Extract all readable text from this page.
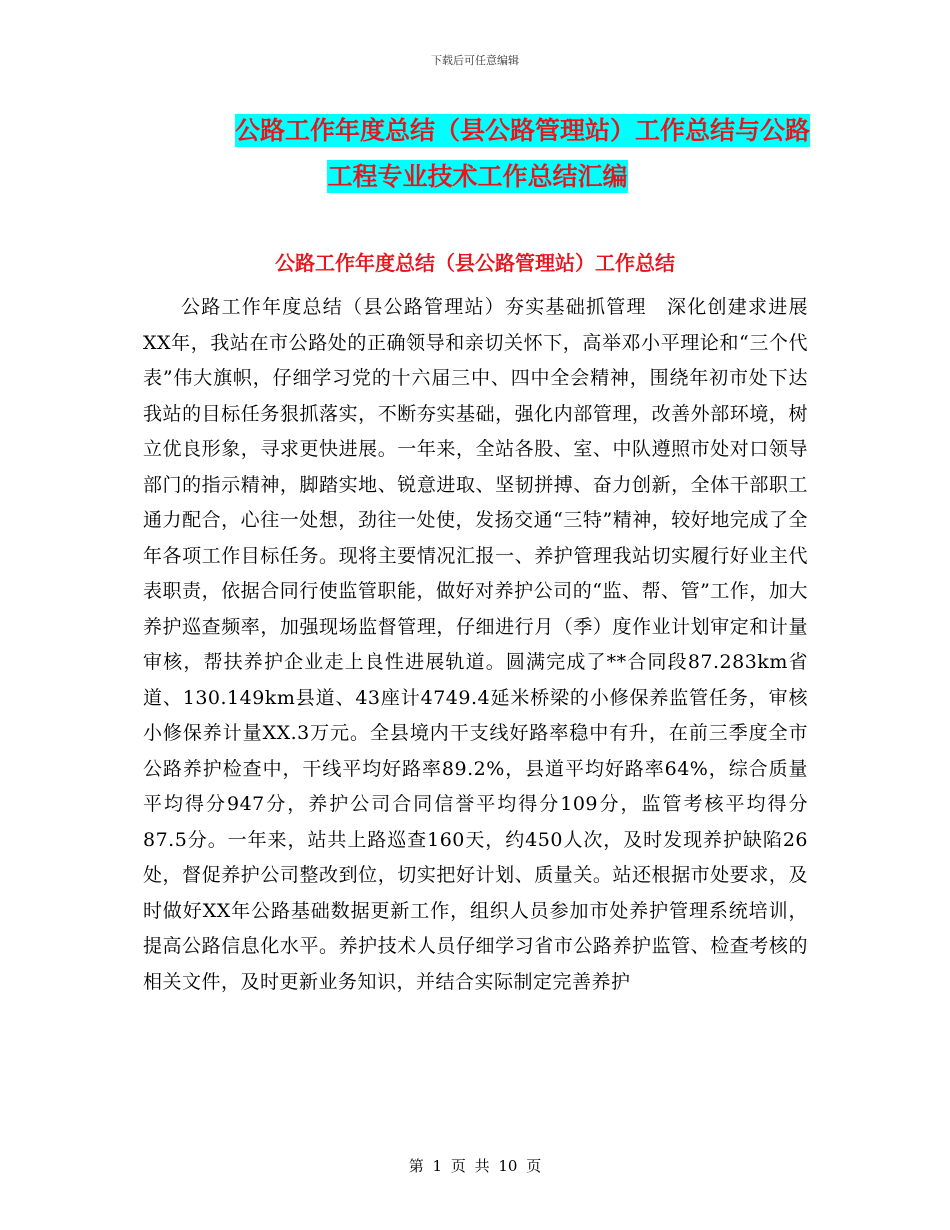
下载后可任意编辑
公路工作年度总结（县公路管理站）工作总结与公路
工程专业技术工作总结汇编
公路工作年度总结（县公路管理站）工作总结

公路工作年度总结（县公路管理站）夯实基础抓管理　深化创建求进展XX年，我站在市公路处的正确领导和亲切关怀下，高举邓小平理论和“三个代表”伟大旗帜，仔细学习党的十六届三中、四中全会精神，围绕年初市处下达我站的目标任务狠抓落实，不断夯实基础，强化内部管理，改善外部环境，树立优良形象，寻求更快进展。一年来，全站各股、室、中队遵照市处对口领导部门的指示精神，脚踏实地、锐意进取、坚韧拼搏、奋力创新，全体干部职工通力配合，心往一处想，劲往一处使，发扬交通“三特”精神，较好地完成了全年各项工作目标任务。现将主要情况汇报一、养护管理我站切实履行好业主代表职责，依据合同行使监管职能，做好对养护公司的“监、帮、管”工作，加大养护巡查频率，加强现场监督管理，仔细进行月（季）度作业计划审定和计量审核，帮扶养护企业走上良性进展轨道。圆满完成了**合同段87.283km省道、130.149km县道、43座计4749.4延米桥梁的小修保养监管任务，审核小修保养计量XX.3万元。全县境内干支线好路率稳中有升，在前三季度全市公路养护检查中，干线平均好路率89.2%，县道平均好路率64%，综合质量平均得分947分，养护公司合同信誉平均得分109分，监管考核平均得分87.5分。一年来，站共上路巡查160天，约450人次，及时发现养护缺陷26处，督促养护公司整改到位，切实把好计划、质量关。站还根据市处要求，及时做好XX年公路基础数据更新工作，组织人员参加市处养护管理系统培训，提高公路信息化水平。养护技术人员仔细学习省市公路养护监管、检查考核的相关文件，及时更新业务知识，并结合实际制定完善养护

第 1 页 共 10 页
